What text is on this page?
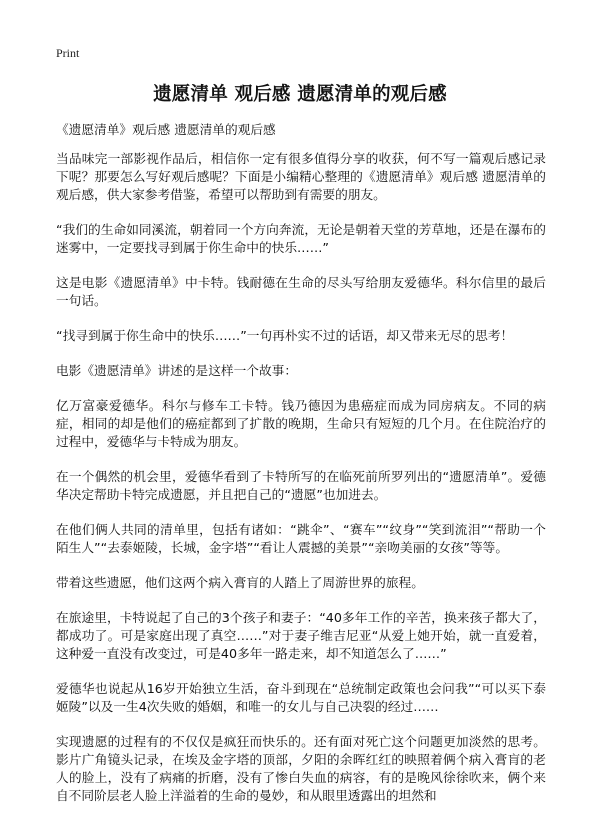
Print
遗愿清单 观后感 遗愿清单的观后感
《遗愿清单》观后感 遗愿清单的观后感

当品味完一部影视作品后，相信你一定有很多值得分享的收获，何不写一篇观后感记录下呢？那要怎么写好观后感呢？下面是小编精心整理的《遗愿清单》观后感 遗愿清单的观后感，供大家参考借鉴，希望可以帮助到有需要的朋友。

“我们的生命如同溪流，朝着同一个方向奔流，无论是朝着天堂的芳草地，还是在瀑布的迷雾中，一定要找寻到属于你生命中的快乐……”

这是电影《遗愿清单》中卡特。钱耐德在生命的尽头写给朋友爱德华。科尔信里的最后一句话。

“找寻到属于你生命中的快乐……”一句再朴实不过的话语，却又带来无尽的思考！

电影《遗愿清单》讲述的是这样一个故事：

亿万富豪爱德华。科尔与修车工卡特。钱乃德因为患癌症而成为同房病友。不同的病症，相同的却是他们的癌症都到了扩散的晚期，生命只有短短的几个月。在住院治疗的过程中，爱德华与卡特成为朋友。

在一个偶然的机会里，爱德华看到了卡特所写的在临死前所罗列出的“遗愿清单”。爱德华决定帮助卡特完成遗愿，并且把自己的“遗愿”也加进去。

在他们俩人共同的清单里，包括有诸如：“跳伞”、“赛车”“纹身”“笑到流泪”“帮助一个陌生人”“去泰姬陵，长城，金字塔”“看让人震撼的美景”“亲吻美丽的女孩”等等。

带着这些遗愿，他们这两个病入膏肓的人踏上了周游世界的旅程。

在旅途里，卡特说起了自己的3个孩子和妻子：“40多年工作的辛苦，换来孩子都大了，都成功了。可是家庭出现了真空……”对于妻子维吉尼亚“从爱上她开始，就一直爱着，这种爱一直没有改变过，可是40多年一路走来，却不知道怎么了……”

爱德华也说起从16岁开始独立生活，奋斗到现在“总统制定政策也会问我”“可以买下泰姬陵”以及一生4次失败的婚姻，和唯一的女儿与自己决裂的经过……

实现遗愿的过程有的不仅仅是疯狂而快乐的。还有面对死亡这个问题更加淡然的思考。影片广角镜头记录，在埃及金字塔的顶部，夕阳的余晖红红的映照着俩个病入膏肓的老人的脸上，没有了病痛的折磨，没有了惨白失血的病容，有的是晚风徐徐吹来，俩个来自不同阶层老人脸上洋溢着的生命的曼妙，和从眼里透露出的坦然和
